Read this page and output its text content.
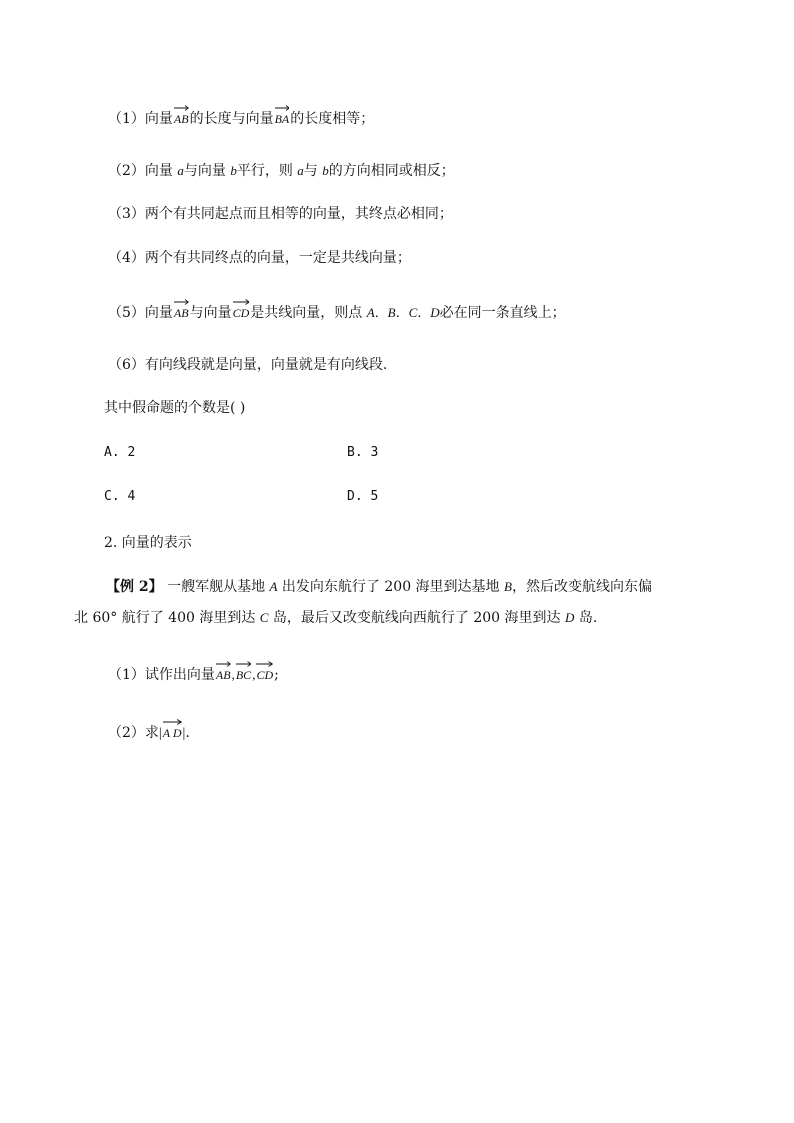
（1）向量
AB的长度与向量
BA的长度相等；
（2）向量 a与向量 b平行，则 a与 b的方向相同或相反；
（3）两个有共同起点而且相等的向量，其终点必相同；
（4）两个有共同终点的向量，一定是共线向量；
（5）向量
AB与向量
CD是共线向量，则点 A．B．C．D必在同一条直线上；
（6）有向线段就是向量，向量就是有向线段.
其中假命题的个数是( )
A. 2	B. 3
C. 4	D. 5
2. 向量的表示
【例 2】 一艘军舰从基地 A 出发向东航行了 200 海里到达基地 B，然后改变航线向东偏
北 60° 航行了 400 海里到达 C 岛，最后又改变航线向西航行了 200 海里到达 D 岛.
（1）试作出向量
AB,
BC,
CD;
（2）求|
A D|.
